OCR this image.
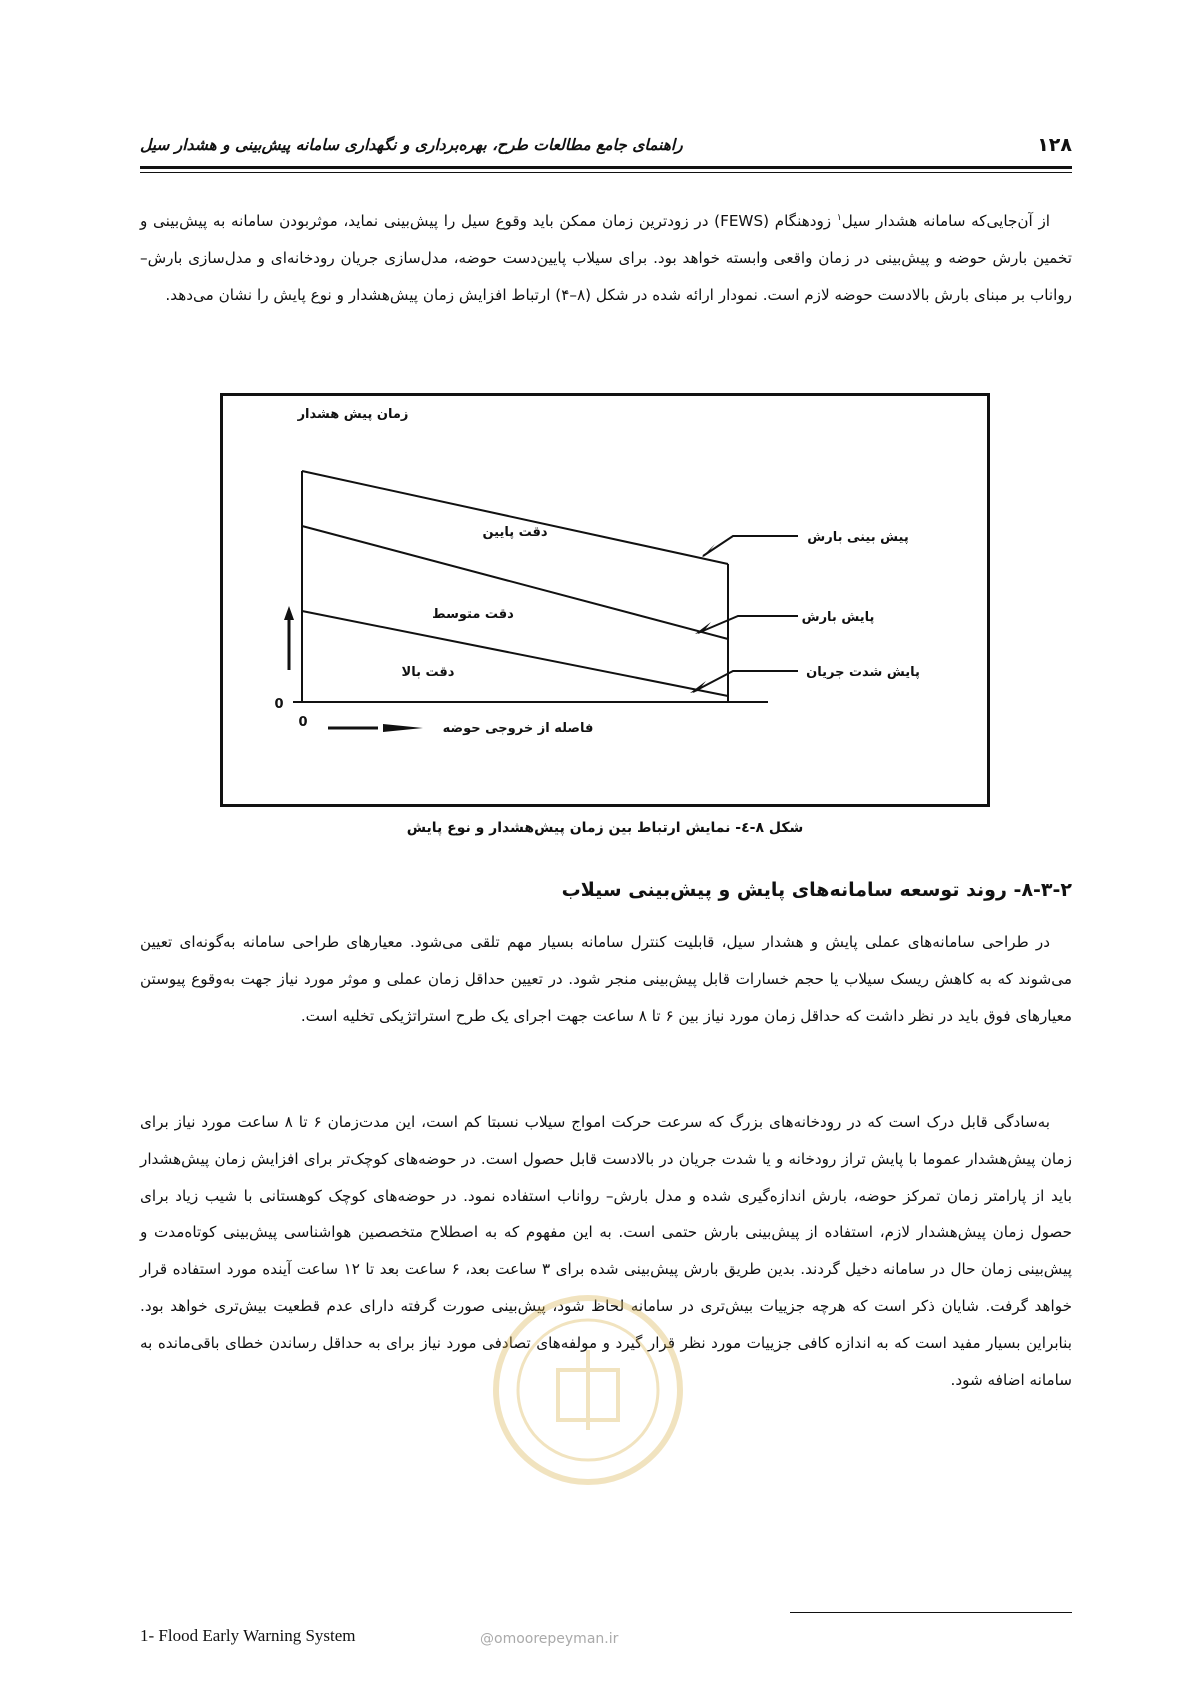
۱۲۸
راهنمای جامع مطالعات طرح، بهره‌برداری و نگهداری سامانه پیش‌بینی و هشدار سیل

از آن‌جایی‌که سامانه هشدار سیل$^۱$ زودهنگام (FEWS) در زودترین زمان ممکن باید وقوع سیل را پیش‌بینی نماید، موثربودن سامانه به پیش‌بینی و تخمین بارش حوضه و پیش‌بینی در زمان واقعی وابسته خواهد بود. برای سیلاب پایین‌دست حوضه، مدل‌سازی جریان رودخانه‌ای و مدل‌سازی بارش– رواناب بر مبنای بارش بالادست حوضه لازم است. نمودار ارائه شده در شکل (۸–۴) ارتباط افزایش زمان پیش‌هشدار و نوع پایش را نشان می‌دهد.

زمان پیش هشدار
فاصله از خروجی حوضه
0
0
دقت پایین
دقت متوسط
دقت بالا
پیش بینی بارش
پایش بارش
پایش شدت جریان
شکل ۸-٤- نمایش ارتباط بین زمان پیش‌هشدار و نوع پایش
۸-۳-۲- روند توسعه سامانه‌های پایش و پیش‌بینی سیلاب

در طراحی سامانه‌های عملی پایش و هشدار سیل، قابلیت کنترل سامانه بسیار مهم تلقی می‌شود. معیارهای طراحی سامانه به‌گونه‌ای تعیین می‌شوند که به کاهش ریسک سیلاب یا حجم خسارات قابل پیش‌بینی منجر شود. در تعیین حداقل زمان عملی و موثر مورد نیاز جهت به‌وقوع پیوستن معیارهای فوق باید در نظر داشت که حداقل زمان مورد نیاز بین ۶ تا ۸ ساعت جهت اجرای یک طرح استراتژیکی تخلیه است.

به‌سادگی قابل درک است که در رودخانه‌های بزرگ که سرعت حرکت امواج سیلاب نسبتا کم است، این مدت‌زمان ۶ تا ۸ ساعت مورد نیاز برای زمان پیش‌هشدار عموما با پایش تراز رودخانه و یا شدت جریان در بالادست قابل حصول است. در حوضه‌های کوچک‌تر برای افزایش زمان پیش‌هشدار باید از پارامتر زمان تمرکز حوضه، بارش اندازه‌گیری شده و مدل بارش– رواناب استفاده نمود. در حوضه‌های کوچک کوهستانی با شیب زیاد برای حصول زمان پیش‌هشدار لازم، استفاده از پیش‌بینی بارش حتمی است. به این مفهوم که به اصطلاح متخصصین هواشناسی پیش‌بینی کوتاه‌مدت و پیش‌بینی زمان حال در سامانه دخیل گردند. بدین طریق بارش پیش‌بینی شده برای ۳ ساعت بعد، ۶ ساعت بعد تا ۱۲ ساعت آینده مورد استفاده قرار خواهد گرفت. شایان ذکر است که هرچه جزییات بیش‌تری در سامانه لحاظ شود، پیش‌بینی صورت گرفته دارای عدم قطعیت بیش‌تری خواهد بود. بنابراین بسیار مفید است که به اندازه کافی جزییات مورد نظر قرار گیرد و مولفه‌های تصادفی مورد نیاز برای به حداقل رساندن خطای باقی‌مانده به سامانه اضافه شود.

1- Flood Early Warning System	@omoorepeyman.ir
